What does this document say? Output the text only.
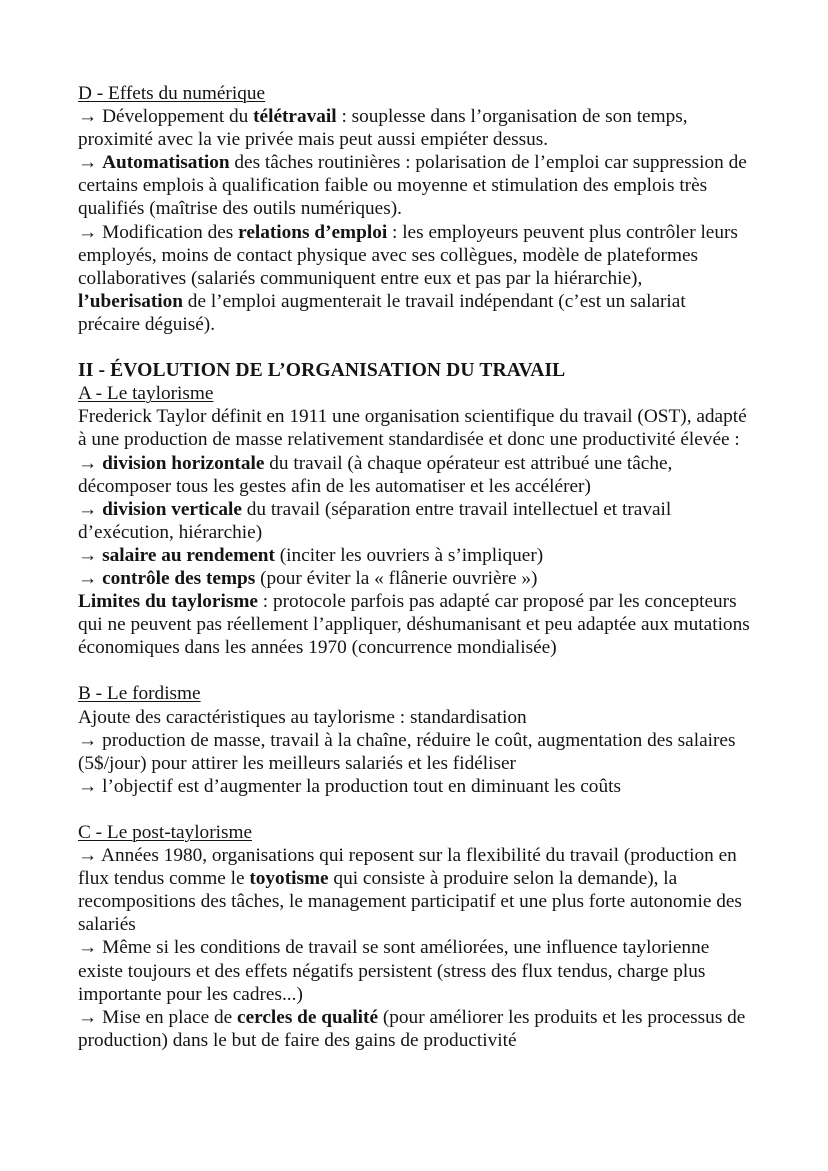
D - Effets du numérique

→ Développement du télétravail : souplesse dans l’organisation de son temps, proximité avec la vie privée mais peut aussi empiéter dessus.

→ Automatisation des tâches routinières : polarisation de l’emploi car suppression de certains emplois à qualification faible ou moyenne et stimulation des emplois très qualifiés (maîtrise des outils numériques).

→ Modification des relations d’emploi : les employeurs peuvent plus contrôler leurs employés, moins de contact physique avec ses collègues, modèle de plateformes collaboratives (salariés communiquent entre eux et pas par la hiérarchie), l’uberisation de l’emploi augmenterait le travail indépendant (c’est un salariat précaire déguisé).

II - ÉVOLUTION DE L’ORGANISATION DU TRAVAIL

A - Le taylorisme

Frederick Taylor définit en 1911 une organisation scientifique du travail (OST), adapté à une production de masse relativement standardisée et donc une productivité élevée :

→ division horizontale du travail (à chaque opérateur est attribué une tâche, décomposer tous les gestes afin de les automatiser et les accélérer)

→ division verticale du travail (séparation entre travail intellectuel et travail d’exécution, hiérarchie)

→ salaire au rendement (inciter les ouvriers à s’impliquer)

→ contrôle des temps (pour éviter la « flânerie ouvrière »)

Limites du taylorisme : protocole parfois pas adapté car proposé par les concepteurs qui ne peuvent pas réellement l’appliquer, déshumanisant et peu adaptée aux mutations économiques dans les années 1970 (concurrence mondialisée)

B - Le fordisme

Ajoute des caractéristiques au taylorisme : standardisation

→ production de masse, travail à la chaîne, réduire le coût, augmentation des salaires (5$/jour) pour attirer les meilleurs salariés et les fidéliser

→ l’objectif est d’augmenter la production tout en diminuant les coûts

C - Le post-taylorisme

→ Années 1980, organisations qui reposent sur la flexibilité du travail (production en flux tendus comme le toyotisme qui consiste à produire selon la demande), la recompositions des tâches, le management participatif et une plus forte autonomie des salariés

→ Même si les conditions de travail se sont améliorées, une influence taylorienne existe toujours et des effets négatifs persistent (stress des flux tendus, charge plus importante pour les cadres...)

→ Mise en place de cercles de qualité (pour améliorer les produits et les processus de production) dans le but de faire des gains de productivité
